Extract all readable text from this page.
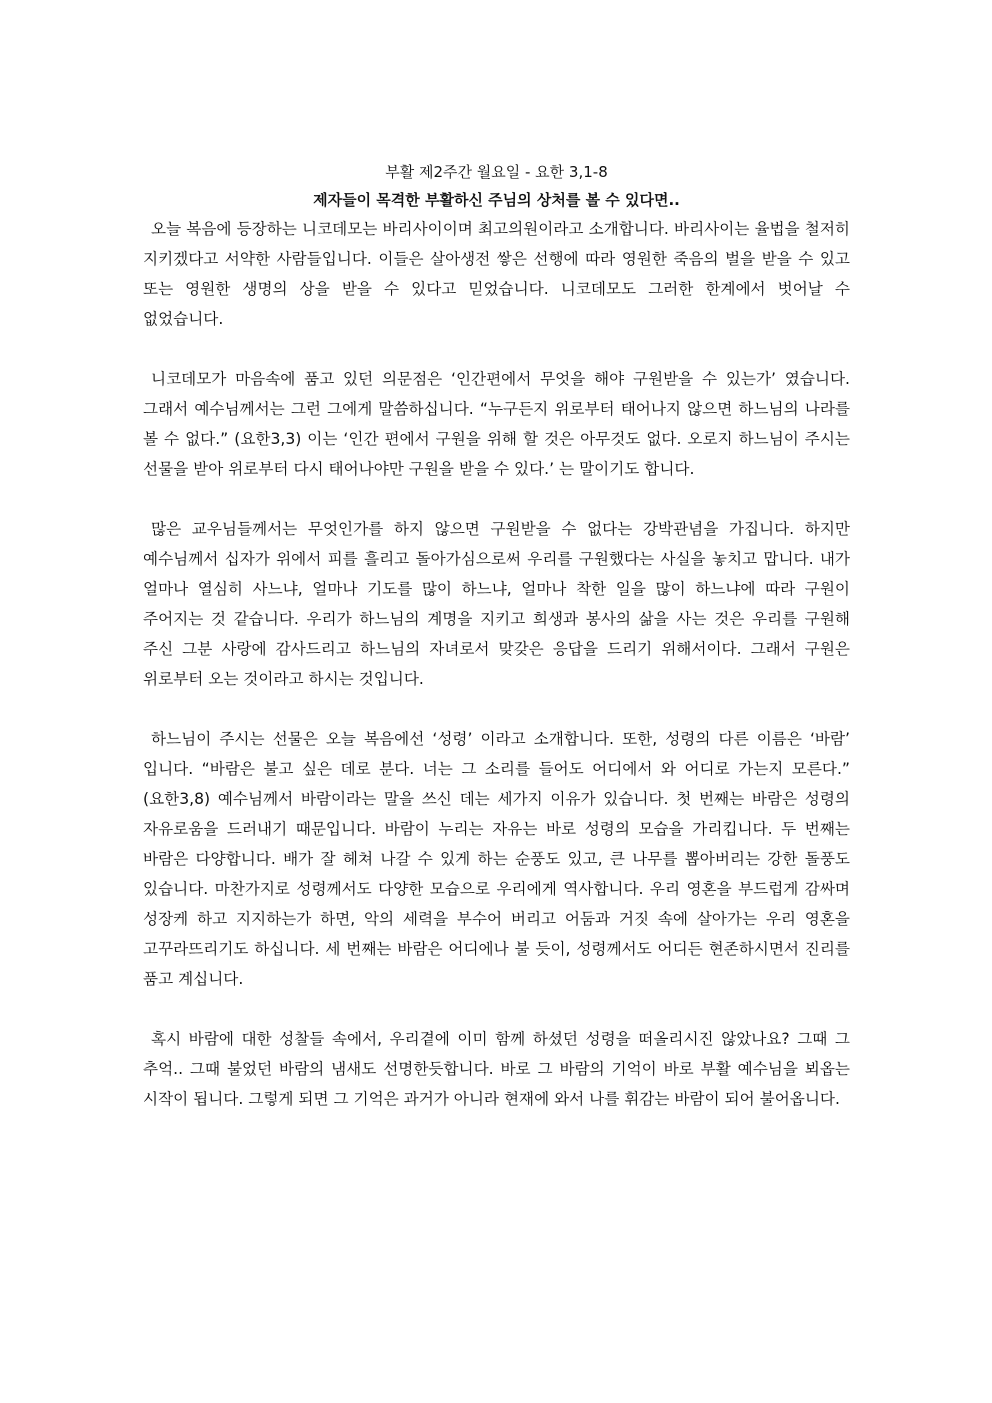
부활 제2주간 월요일 - 요한 3,1-8

제자들이 목격한 부활하신 주님의 상처를 볼 수 있다면..

오늘 복음에 등장하는 니코데모는 바리사이이며 최고의원이라고 소개합니다. 바리사이는 율법을 철저히 지키겠다고 서약한 사람들입니다. 이들은 살아생전 쌓은 선행에 따라 영원한 죽음의 벌을 받을 수 있고 또는 영원한 생명의 상을 받을 수 있다고 믿었습니다. 니코데모도 그러한 한계에서 벗어날 수 없었습니다.

니코데모가 마음속에 품고 있던 의문점은 ‘인간편에서 무엇을 해야 구원받을 수 있는가’ 였습니다. 그래서 예수님께서는 그런 그에게 말씀하십니다. “누구든지 위로부터 태어나지 않으면 하느님의 나라를 볼 수 없다.” (요한3,3) 이는 ‘인간 편에서 구원을 위해 할 것은 아무것도 없다. 오로지 하느님이 주시는 선물을 받아 위로부터 다시 태어나야만 구원을 받을 수 있다.’ 는 말이기도 합니다.

많은 교우님들께서는 무엇인가를 하지 않으면 구원받을 수 없다는 강박관념을 가집니다. 하지만 예수님께서 십자가 위에서 피를 흘리고 돌아가심으로써 우리를 구원했다는 사실을 놓치고 맙니다. 내가 얼마나 열심히 사느냐, 얼마나 기도를 많이 하느냐, 얼마나 착한 일을 많이 하느냐에 따라 구원이 주어지는 것 같습니다. 우리가 하느님의 계명을 지키고 희생과 봉사의 삶을 사는 것은 우리를 구원해 주신 그분 사랑에 감사드리고 하느님의 자녀로서 맞갖은 응답을 드리기 위해서이다. 그래서 구원은 위로부터 오는 것이라고 하시는 것입니다.

하느님이 주시는 선물은 오늘 복음에선 ‘성령’ 이라고 소개합니다. 또한, 성령의 다른 이름은 ‘바람’ 입니다. “바람은 불고 싶은 데로 분다. 너는 그 소리를 들어도 어디에서 와 어디로 가는지 모른다.” (요한3,8) 예수님께서 바람이라는 말을 쓰신 데는 세가지 이유가 있습니다. 첫 번째는 바람은 성령의 자유로움을 드러내기 때문입니다. 바람이 누리는 자유는 바로 성령의 모습을 가리킵니다. 두 번째는 바람은 다양합니다. 배가 잘 헤쳐 나갈 수 있게 하는 순풍도 있고, 큰 나무를 뽑아버리는 강한 돌풍도 있습니다. 마찬가지로 성령께서도 다양한 모습으로 우리에게 역사합니다. 우리 영혼을 부드럽게 감싸며 성장케 하고 지지하는가 하면, 악의 세력을 부수어 버리고 어둠과 거짓 속에 살아가는 우리 영혼을 고꾸라뜨리기도 하십니다. 세 번째는 바람은 어디에나 불 듯이, 성령께서도 어디든 현존하시면서 진리를 품고 계십니다.

혹시 바람에 대한 성찰들 속에서, 우리곁에 이미 함께 하셨던 성령을 떠올리시진 않았나요? 그때 그 추억.. 그때 불었던 바람의 냄새도 선명한듯합니다. 바로 그 바람의 기억이 바로 부활 예수님을 뵈옵는 시작이 됩니다. 그렇게 되면 그 기억은 과거가 아니라 현재에 와서 나를 휘감는 바람이 되어 불어옵니다.
